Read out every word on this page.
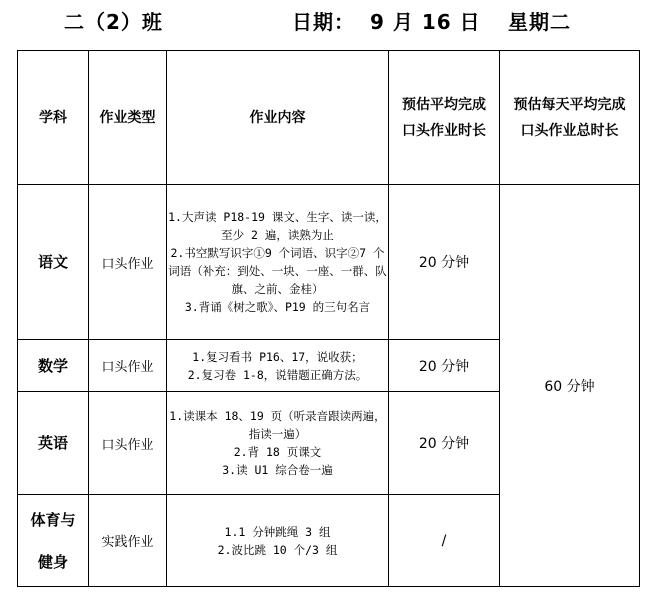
二（2）班	日期： 9 月 16 日 星期二
学科	作业类型	作业内容	预估平均完成口头作业时长	预估每天平均完成口头作业总时长
语文	口头作业	1.大声读 P18-19 课文、生字、读一读，至少 2 遍，读熟为止
2.书空默写识字①9 个词语、识字②7 个词语（补充：到处、一块、一座、一群、队旗、之前、金桂）
3.背诵《树之歌》、P19 的三句名言	20 分钟	60 分钟
数学	口头作业	1.复习看书 P16、17，说收获；
2.复习卷 1-8，说错题正确方法。	20 分钟	
英语	口头作业	1.读课本 18、19 页（听录音跟读两遍，指读一遍）
2.背 18 页课文
3.读 U1 综合卷一遍	20 分钟	
体育与健身	实践作业	1.1 分钟跳绳 3 组
2.波比跳 10 个/3 组	/	
